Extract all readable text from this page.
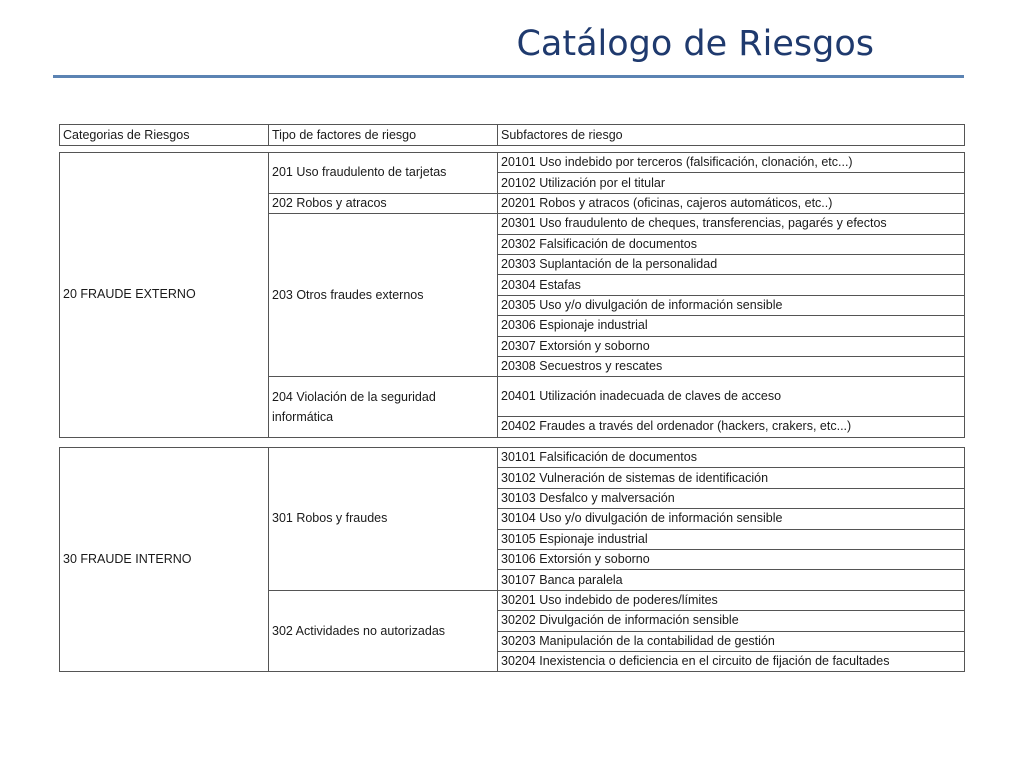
Catálogo de Riesgos
Categorias de Riesgos	Tipo de factores de riesgo	Subfactores de riesgo
20 FRAUDE EXTERNO	201 Uso fraudulento de tarjetas	20101 Uso indebido por terceros (falsificación, clonación, etc...)
		20102 Utilización por el titular
	202 Robos y atracos	20201 Robos y atracos (oficinas, cajeros automáticos, etc..)
	203 Otros fraudes externos	20301 Uso fraudulento de cheques, transferencias, pagarés y efectos
		20302 Falsificación de documentos
		20303 Suplantación de la personalidad
		20304 Estafas
		20305 Uso y/o divulgación de información sensible
		20306 Espionaje industrial
		20307 Extorsión y soborno
		20308 Secuestros y rescates
	204 Violación de la seguridad informática	20401 Utilización inadecuada de claves de acceso
		20402 Fraudes a través del ordenador (hackers, crakers, etc...)
30 FRAUDE INTERNO	301 Robos y fraudes	30101 Falsificación de documentos
		30102 Vulneración de sistemas de identificación
		30103 Desfalco y malversación
		30104 Uso y/o divulgación de información sensible
		30105 Espionaje industrial
		30106 Extorsión y soborno
		30107 Banca paralela
	302 Actividades no autorizadas	30201 Uso indebido de poderes/límites
		30202 Divulgación de información sensible
		30203 Manipulación de la contabilidad de gestión
		30204 Inexistencia o deficiencia en el circuito de fijación de facultades
